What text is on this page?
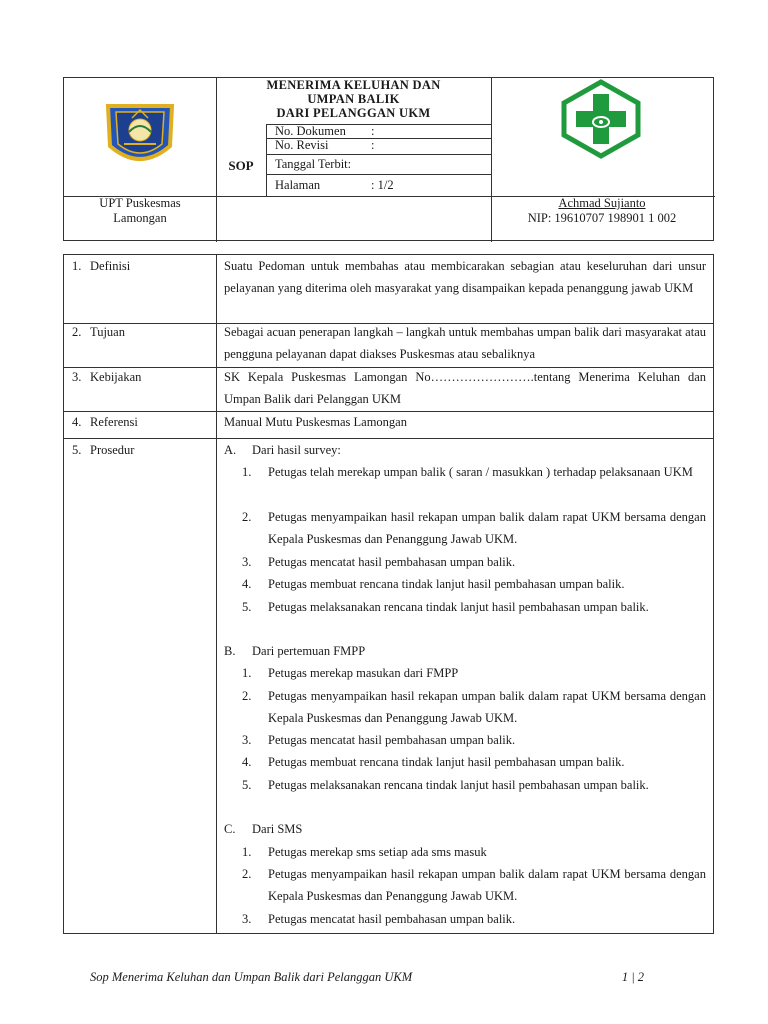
MENERIMA KELUHAN DAN
UMPAN BALIK
DARI PELANGGAN UKM
SOP
No. Dokumen :
No. Revisi	:
Tanggal Terbit:
Halaman	: 1/2
UPT Puskesmas
Lamongan
Achmad Sujianto
NIP: 19610707 198901 1 002
1. Definisi	Suatu Pedoman untuk membahas atau membicarakan sebagian atau keseluruhan dari unsur pelayanan yang diterima oleh masyarakat yang disampaikan kepada penanggung jawab UKM
2. Tujuan	Sebagai acuan penerapan langkah – langkah untuk membahas umpan balik dari masyarakat atau pengguna pelayanan dapat diakses Puskesmas atau sebaliknya
3. Kebijakan	SK Kepala Puskesmas Lamongan No…………………….tentang Menerima Keluhan dan Umpan Balik dari Pelanggan UKM
4. Referensi	Manual Mutu Puskesmas Lamongan
5. Prosedur	A. Dari hasil survey:
1.	Petugas telah merekap umpan balik ( saran / masukkan ) terhadap pelaksanaan UKM
2.	Petugas menyampaikan hasil rekapan umpan balik dalam rapat UKM bersama dengan Kepala Puskesmas dan Penanggung Jawab UKM.
3.	Petugas mencatat hasil pembahasan umpan balik.
4.	Petugas membuat rencana tindak lanjut hasil pembahasan umpan balik.
5.	Petugas melaksanakan rencana tindak lanjut hasil pembahasan umpan balik.
B. Dari pertemuan FMPP
1.	Petugas merekap masukan dari FMPP
2.	Petugas menyampaikan hasil rekapan umpan balik dalam rapat UKM bersama dengan Kepala Puskesmas dan Penanggung Jawab UKM.
3.	Petugas mencatat hasil pembahasan umpan balik.
4.	Petugas membuat rencana tindak lanjut hasil pembahasan umpan balik.
5.	Petugas melaksanakan rencana tindak lanjut hasil pembahasan umpan balik.
C. Dari SMS
1.	Petugas merekap sms setiap ada sms masuk
2.	Petugas menyampaikan hasil rekapan umpan balik dalam rapat UKM bersama dengan Kepala Puskesmas dan Penanggung Jawab UKM.
3.	Petugas mencatat hasil pembahasan umpan balik.
Sop Menerima Keluhan dan Umpan Balik dari Pelanggan UKM	1 | 2
